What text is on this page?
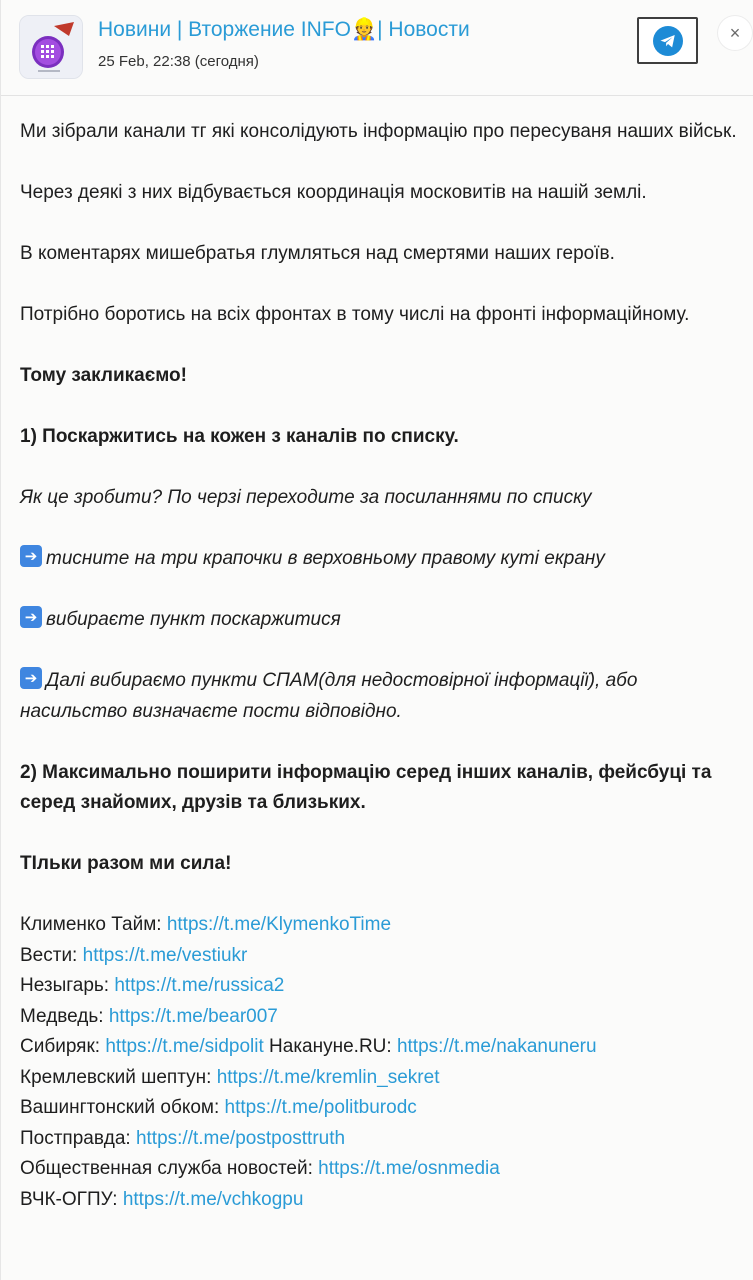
Новини | Вторжение INFO👷| Новости
25 Feb, 22:38 (сегодня)
×

Ми зібрали канали тг які консолідують інформацію про пересуваня наших військ.

Через деякі з них відбувається координація московитів на нашій землі.

В коментарях мишебратья глумляться над смертями наших героїв.

Потрібно боротись на всіх фронтах в тому числі на фронті інформаційному.

Тому закликаємо!

1) Поскаржитись на кожен з каналів по списку.

Як це зробити? По черзі переходите за посиланнями по списку

➔тисните на три крапочки в верховньому правому куті екрану

➔вибираєте пункт поскаржитися

➔Далі вибираємо пункти СПАМ(для недостовірної інформації), або насильство визначаєте пости відповідно.

2) Максимально поширити інформацію серед інших каналів, фейсбуці та серед знайомих, друзів та близьких.

ТІльки разом ми сила!

Клименко Тайм: https://t.me/KlymenkoTime

Вести: https://t.me/vestiukr

Незыгарь: https://t.me/russica2

Медведь: https://t.me/bear007

Сибиряк: https://t.me/sidpolit Накануне.RU: https://t.me/nakanuneru

Кремлевский шептун: https://t.me/kremlin_sekret

Вашингтонский обком: https://t.me/politburodc

Постправда: https://t.me/postposttruth

Общественная служба новостей: https://t.me/osnmedia

ВЧК-ОГПУ: https://t.me/vchkogpu
